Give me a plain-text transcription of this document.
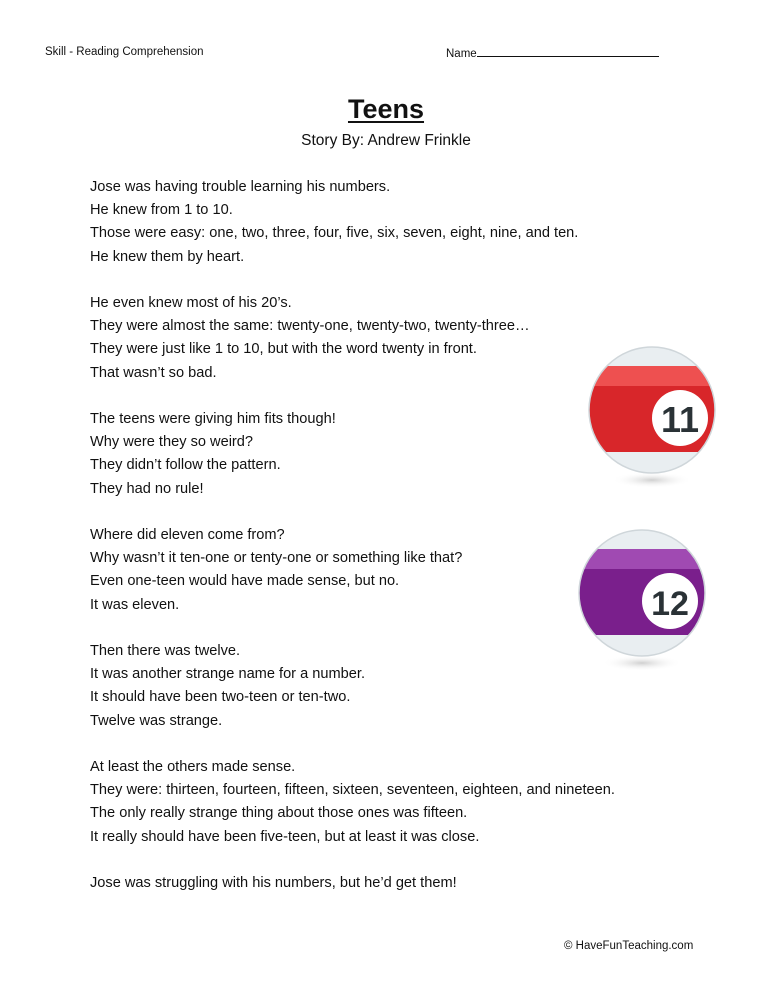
Skill - Reading Comprehension	Name
Teens
Story By: Andrew Frinkle
Jose was having trouble learning his numbers.
He knew from 1 to 10.
Those were easy: one, two, three, four, five, six, seven, eight, nine, and ten.
He knew them by heart.
He even knew most of his 20’s.
They were almost the same: twenty-one, twenty-two, twenty-three…
They were just like 1 to 10, but with the word twenty in front.
That wasn’t so bad.
The teens were giving him fits though!
Why were they so weird?
They didn’t follow the pattern.
They had no rule!
Where did eleven come from?
Why wasn’t it ten-one or tenty-one or something like that?
Even one-teen would have made sense, but no.
It was eleven.
Then there was twelve.
It was another strange name for a number.
It should have been two-teen or ten-two.
Twelve was strange.
At least the others made sense.
They were: thirteen, fourteen, fifteen, sixteen, seventeen, eighteen, and nineteen.
The only really strange thing about those ones was fifteen.
It really should have been five-teen, but at least it was close.
Jose was struggling with his numbers, but he’d get them!
11
12
© HaveFunTeaching.com
